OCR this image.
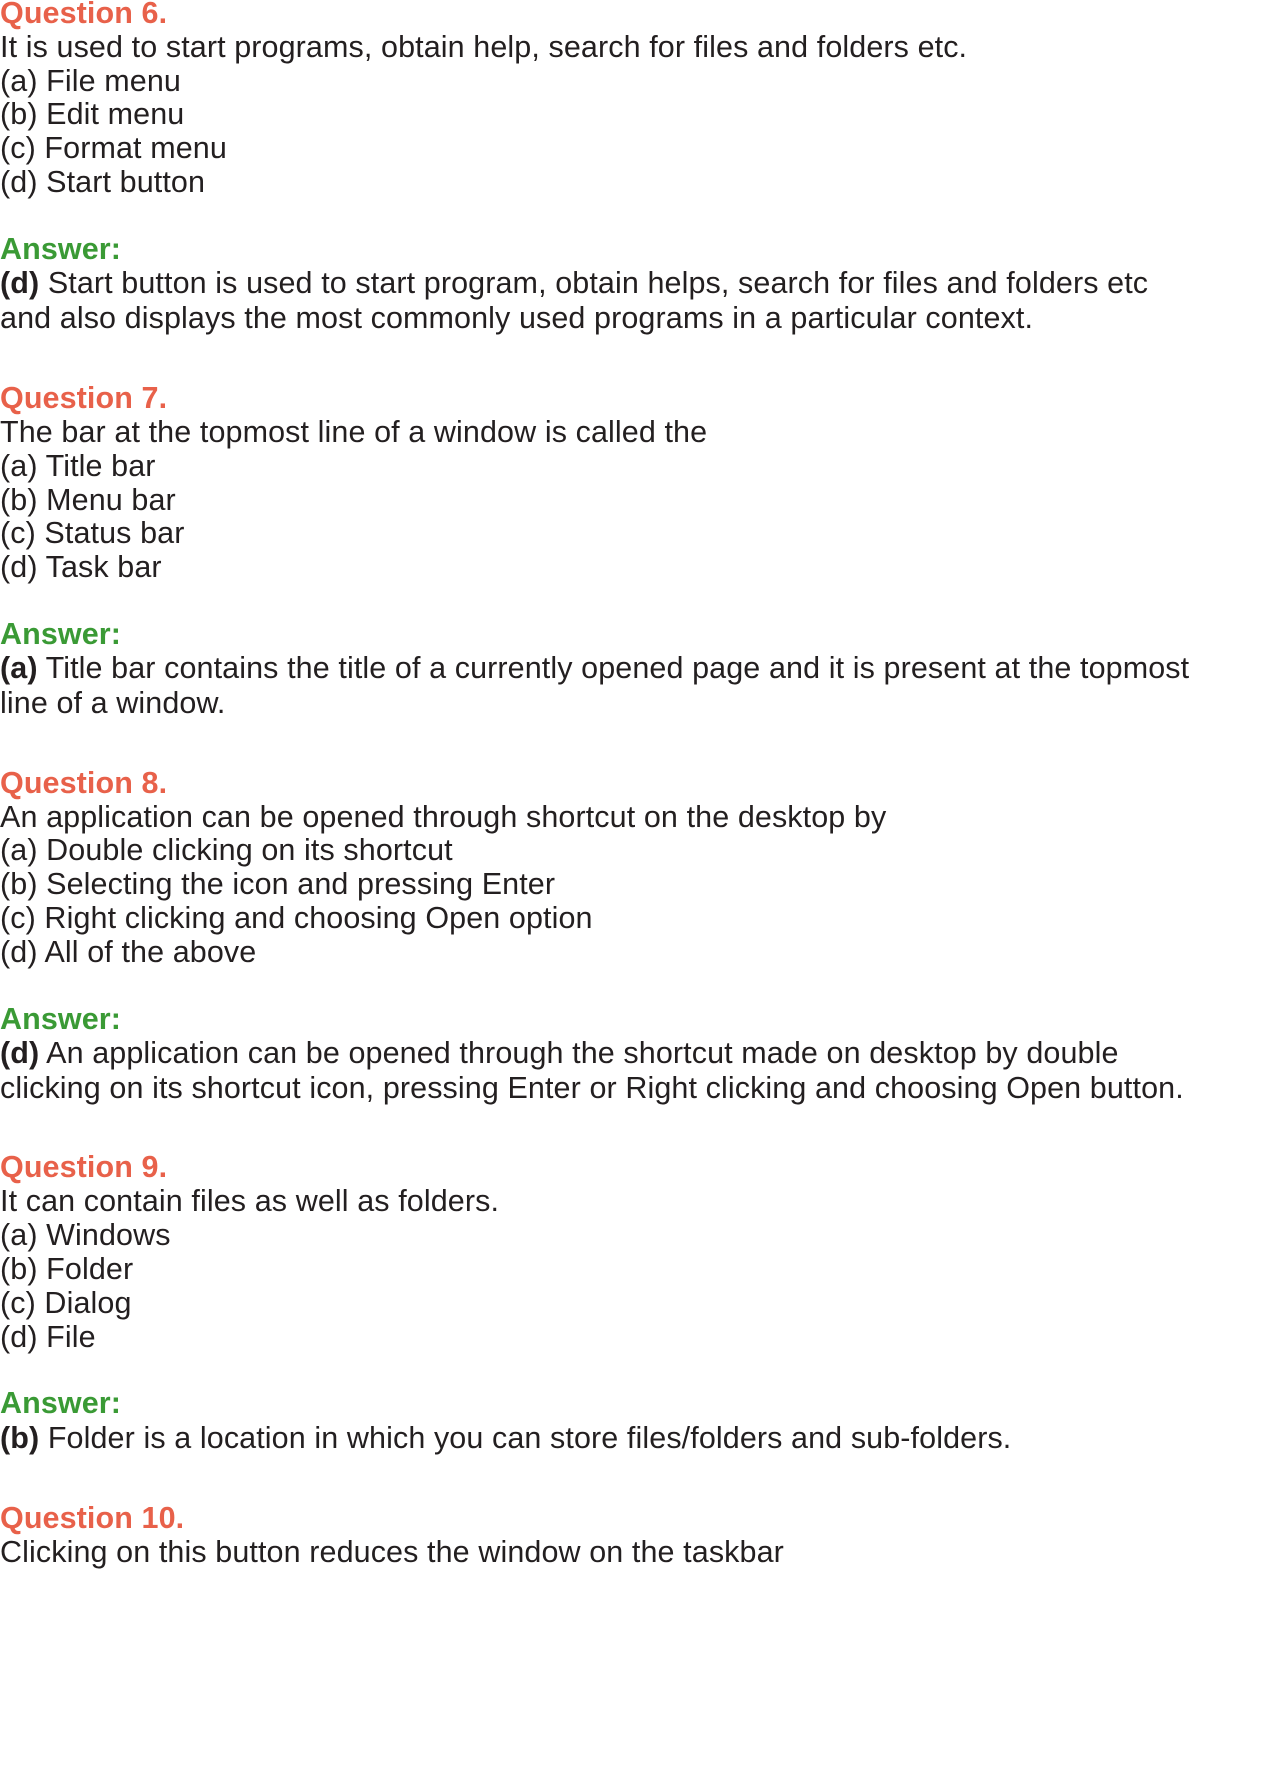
Question 6.
It is used to start programs, obtain help, search for files and folders etc.
(a) File menu
(b) Edit menu
(c) Format menu
(d) Start button
Answer:
(d) Start button is used to start program, obtain helps, search for files and folders etc
and also displays the most commonly used programs in a particular context.
Question 7.
The bar at the topmost line of a window is called the
(a) Title bar
(b) Menu bar
(c) Status bar
(d) Task bar
Answer:
(a) Title bar contains the title of a currently opened page and it is present at the topmost
line of a window.
Question 8.
An application can be opened through shortcut on the desktop by
(a) Double clicking on its shortcut
(b) Selecting the icon and pressing Enter
(c) Right clicking and choosing Open option
(d) All of the above
Answer:
(d) An application can be opened through the shortcut made on desktop by double
clicking on its shortcut icon, pressing Enter or Right clicking and choosing Open button.
Question 9.
It can contain files as well as folders.
(a) Windows
(b) Folder
(c) Dialog
(d) File
Answer:
(b) Folder is a location in which you can store files/folders and sub-folders.
Question 10.
Clicking on this button reduces the window on the taskbar
